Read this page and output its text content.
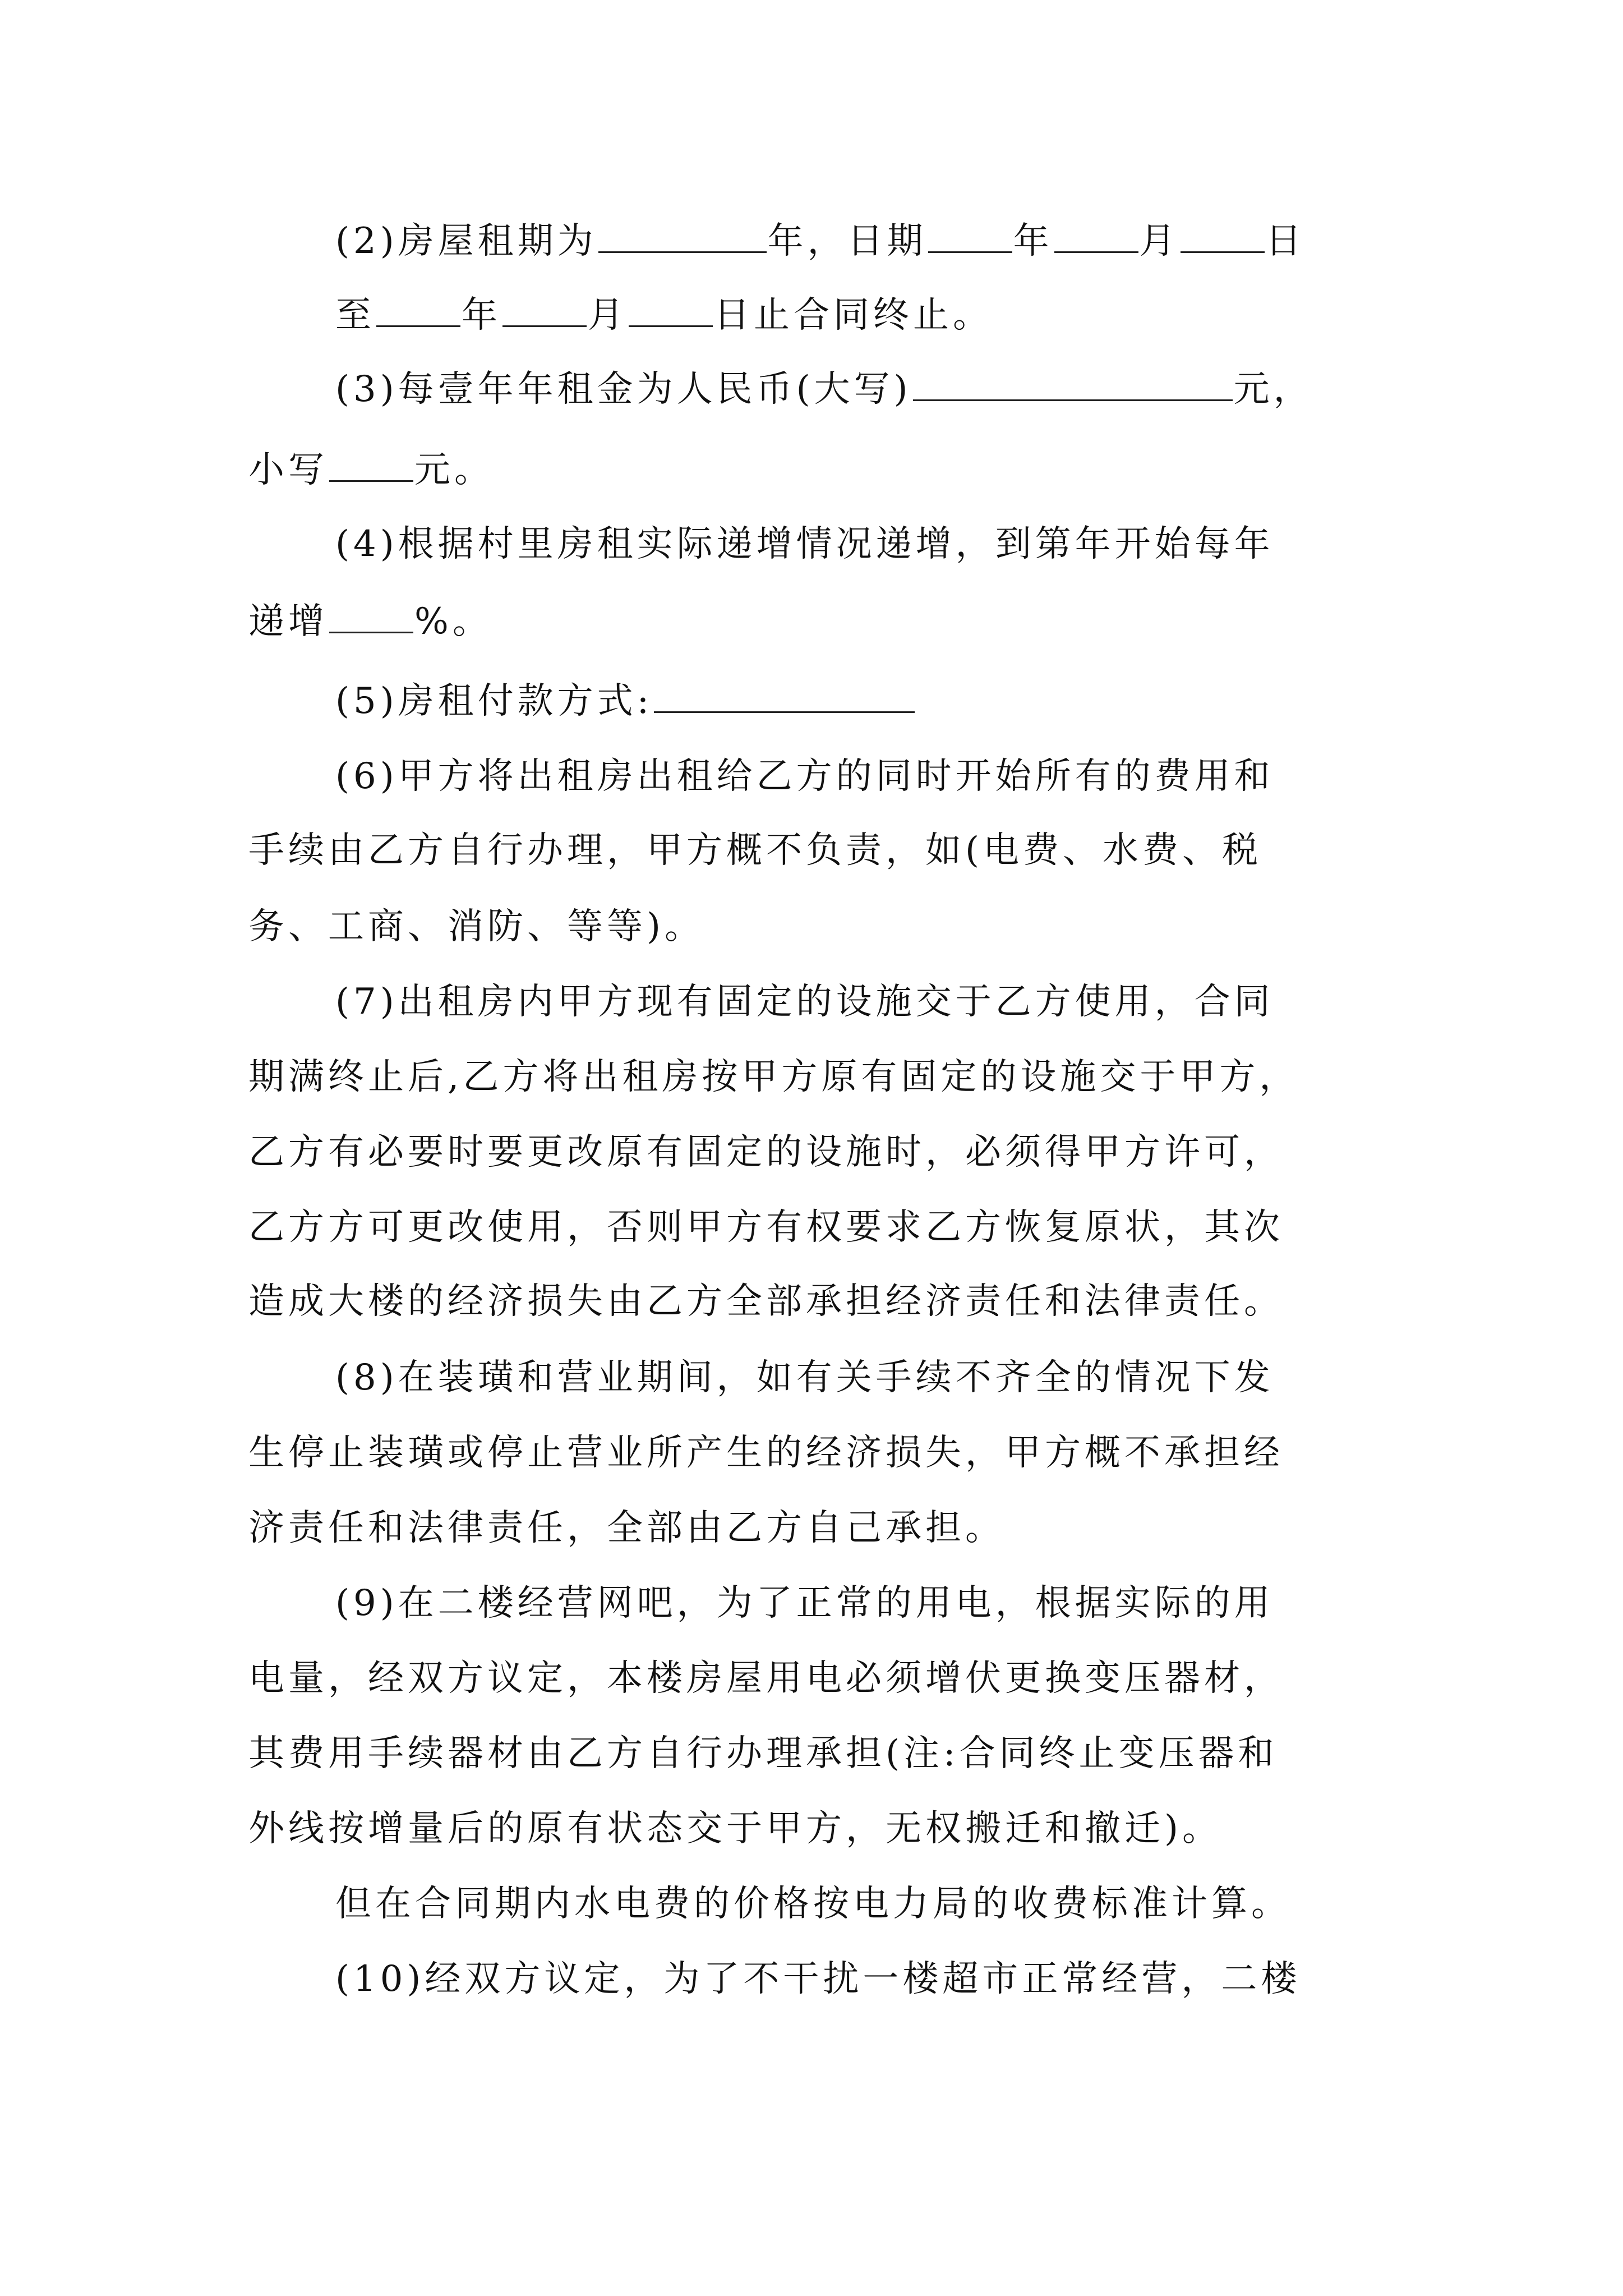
(2)房屋租期为	年，日期 年 月 日
至 年 月 日止合同终止。
(3)每壹年年租金为人民币(大写)	元，
小写 元。
(4)根据村里房租实际递增情况递增，到第年开始每年
递增 %。
(5)房租付款方式:
(6)甲方将出租房出租给乙方的同时开始所有的费用和
手续由乙方自行办理，甲方概不负责，如(电费、水费、税
务、工商、消防、等等)。
(7)出租房内甲方现有固定的设施交于乙方使用，合同
期满终止后,乙方将出租房按甲方原有固定的设施交于甲方，
乙方有必要时要更改原有固定的设施时，必须得甲方许可，
乙方方可更改使用，否则甲方有权要求乙方恢复原状，其次
造成大楼的经济损失由乙方全部承担经济责任和法律责任。
(8)在装璜和营业期间，如有关手续不齐全的情况下发
生停止装璜或停止营业所产生的经济损失，甲方概不承担经
济责任和法律责任，全部由乙方自己承担。
(9)在二楼经营网吧，为了正常的用电，根据实际的用
电量，经双方议定，本楼房屋用电必须增伏更换变压器材，
其费用手续器材由乙方自行办理承担(注:合同终止变压器和
外线按增量后的原有状态交于甲方，无权搬迁和撤迁)。
但在合同期内水电费的价格按电力局的收费标准计算。
(10)经双方议定，为了不干扰一楼超市正常经营，二楼
